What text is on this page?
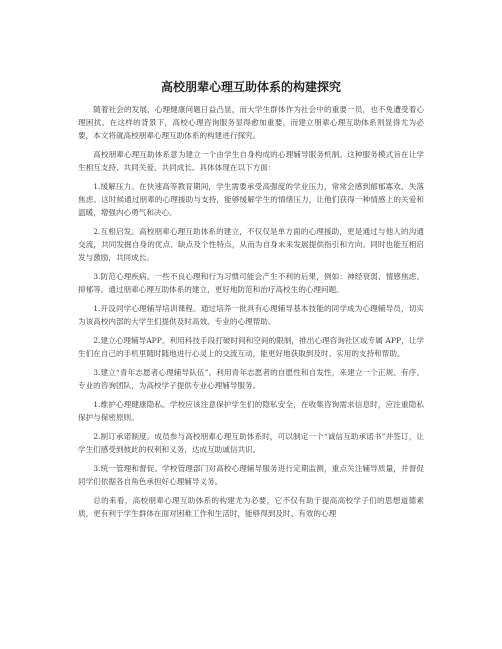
高校朋辈心理互助体系的构建探究

随着社会的发展，心理健康问题日益凸显，而大学生群体作为社会中的重要一员，也不免遭受着心理困扰。在这样的背景下，高校心理咨询服务显得愈加重要，而建立朋辈心理互助体系则显得尤为必要，本文将就高校朋辈心理互助体系的构建进行探究。

高校朋辈心理互助体系意为建立一个由学生自身构成的心理辅导服务机制。这种服务模式旨在让学生相互支持、共同关爱、共同成长。具体体现在以下方面：

1.缓解压力。在快速高等教育期间，学生需要承受高强度的学业压力，常常会感到郁郁寡欢、失落焦虑。这时候通过朋辈的心理援助与支持，能够缓解学生的情绪压力，让他们获得一种情感上的关爱和温暖，增强内心勇气和决心。

2.互相启发。高校朋辈心理互助体系的建立，不仅仅是单方面的心理援助，更是通过与他人的沟通交流，共同发掘自身的优点、缺点及个性特点，从而为自身未来发展提供指引和方向。同时也能互相启发与激励，共同成长。

3.防范心理疾病。一些不良心理和行为习惯可能会产生不利的后果，例如：神经衰弱、情感焦虑、抑郁等。通过朋辈心理互助体系的建立，更好地防范和治疗高校生的心理问题。

1.开设同学心理辅导培训课程。通过培养一批具有心理辅导基本技能的同学成为心理辅导员，切实为该高校内部的大学生们提供及时高效、专业的心理帮助。

2.建立心理辅导APP。利用科技手段打破时间和空间的限制，推出心理咨询社区或专属 APP，让学生们在自己的手机里随时随地进行心灵上的交流互动，能更好地获取到及时、实用的支持和帮助。

3.建立“青年志愿者心理辅导队伍”。利用青年志愿者的自愿性和自发性，来建立一个正规、有序、专业的咨询团队，为高校学子提供专业心理辅导服务。

1.维护心理健康隐私。学校应该注意保护学生们的隐私安全，在收集咨询需求信息时，应注重隐私保护与保密原则。

2.制订承诺制度。成员参与高校朋辈心理互助体系时，可以制定一个“诚信互助承诺书”并签订，让学生们感受到彼此的权利和义务，达成互助诚信共识。

3.统一管理和督促。学校管理部门对高校心理辅导服务进行定期监测，重点关注辅导质量，并督促同学们依据各自角色承担好心理辅导义务。

总的来看，高校朋辈心理互助体系的构建尤为必要，它不仅有助于提高高校学子们的思想道德素质，更有利于学生群体在面对困难工作和生活时，能够得到及时、有效的心理
